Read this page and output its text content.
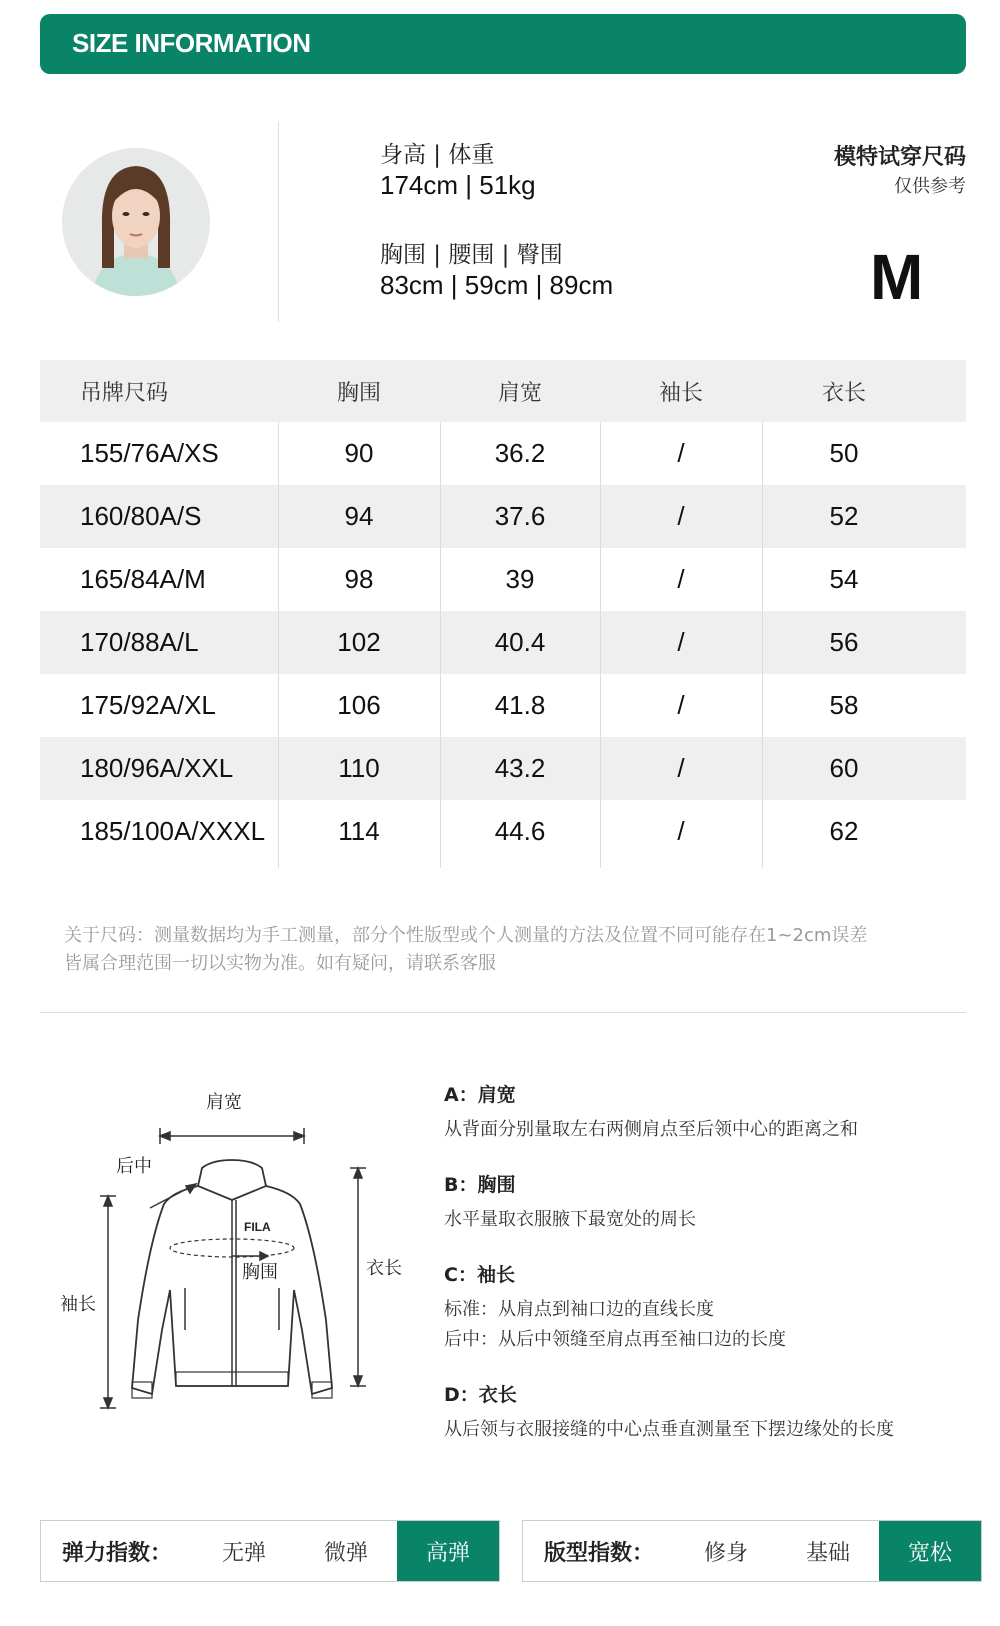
SIZE INFORMATION
身高 | 体重
174cm | 51kg
胸围 | 腰围 | 臀围
83cm | 59cm | 89cm
模特试穿尺码
仅供参考
M
吊牌尺码	胸围	肩宽	袖长	衣长
155/76A/XS	90	36.2	/	50
160/80A/S	94	37.6	/	52
165/84A/M	98	39	/	54
170/88A/L	102	40.4	/	56
175/92A/XL	106	41.8	/	58
180/96A/XXL	110	43.2	/	60
185/100A/XXXL	114	44.6	/	62
关于尺码：测量数据均为手工测量，部分个性版型或个人测量的方法及位置不同可能存在1~2cm误差
皆属合理范围一切以实物为准。如有疑问，请联系客服
肩宽
后中
胸围
袖长
衣长
FILA
A：肩宽
从背面分别量取左右两侧肩点至后领中心的距离之和
B：胸围
水平量取衣服腋下最宽处的周长
C：袖长
标准：从肩点到袖口边的直线长度
后中：从后中领缝至肩点再至袖口边的长度
D：衣长
从后领与衣服接缝的中心点垂直测量至下摆边缘处的长度
弹力指数：	无弹	微弹	高弹	版型指数：	修身	基础	宽松
